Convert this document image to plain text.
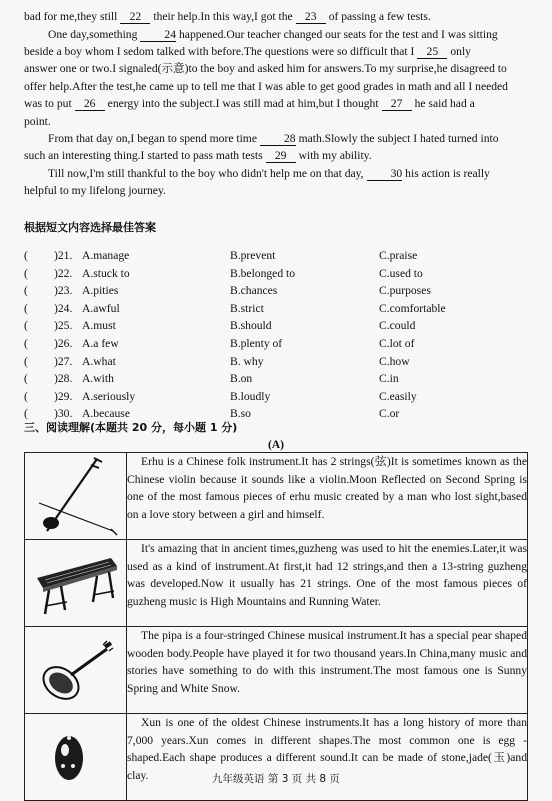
bad for me,they still 22 their help.In this way,I got the 23 of passing a few tests.

One day,something 24 happened.Our teacher changed our seats for the test and I was sitting
beside a boy whom I sedom talked with before.The questions were so difficult that I 25 only
answer one or two.I signaled(示意)to the boy and asked him for answers.To my surprise,he disagreed to
offer help.After the test,he came up to tell me that I was able to get good grades in math and all I needed
was to put 26 energy into the subject.I was still mad at him,but I thought 27 he said had a
point.

From that day on,I began to spend more time 28 math.Slowly the subject I hated turned into
such an interesting thing.I started to pass math tests 29 with my ability.

Till now,I'm still thankful to the boy who didn't help me on that day, 30 his action is really
helpful to my lifelong journey.

根据短文内容选择最佳答案

( )21. A.manage	B.prevent	C.praise
( )22. A.stuck to	B.belonged to	C.used to
( )23. A.pities	B.chances	C.purposes
( )24. A.awful	B.strict	C.comfortable
( )25. A.must	B.should	C.could
( )26. A.a few	B.plenty of	C.lot of
( )27. A.what	B. why	C.how
( )28. A.with	B.on	C.in
( )29. A.seriously	B.loudly	C.easily
( )30. A.because	B.so	C.or

三、阅读理解(本题共 20 分，每小题 1 分)

(A)

Erhu is a Chinese folk instrument.It has 2 strings(弦)It is sometimes known as the Chinese violin because it sounds like a violin.Moon Reflected on Second Spring is one of the most famous pieces of erhu music created by a man who lost sight,based on a love story between a girl and himself.

It's amazing that in ancient times,guzheng was used to hit the enemies.Later,it was used as a kind of instrument.At first,it had 12 strings,and then a 13-string guzheng was developed.Now it usually has 21 strings. One of the most famous pieces of guzheng music is High Mountains and Running Water.

The pipa is a four-stringed Chinese musical instrument.It has a special pear shaped wooden body.People have played it for two thousand years.In China,many music and stories have something to do with this instrument.The most famous one is Sunny Spring and White Snow.

Xun is one of the oldest Chinese instruments.It has a long history of more than 7,000 years.Xun comes in different shapes.The most common one is egg - shaped.Each shape produces a different sound.It can be made of stone,jade(玉)and clay.	九年级英语 第 3 页 共 8 页
